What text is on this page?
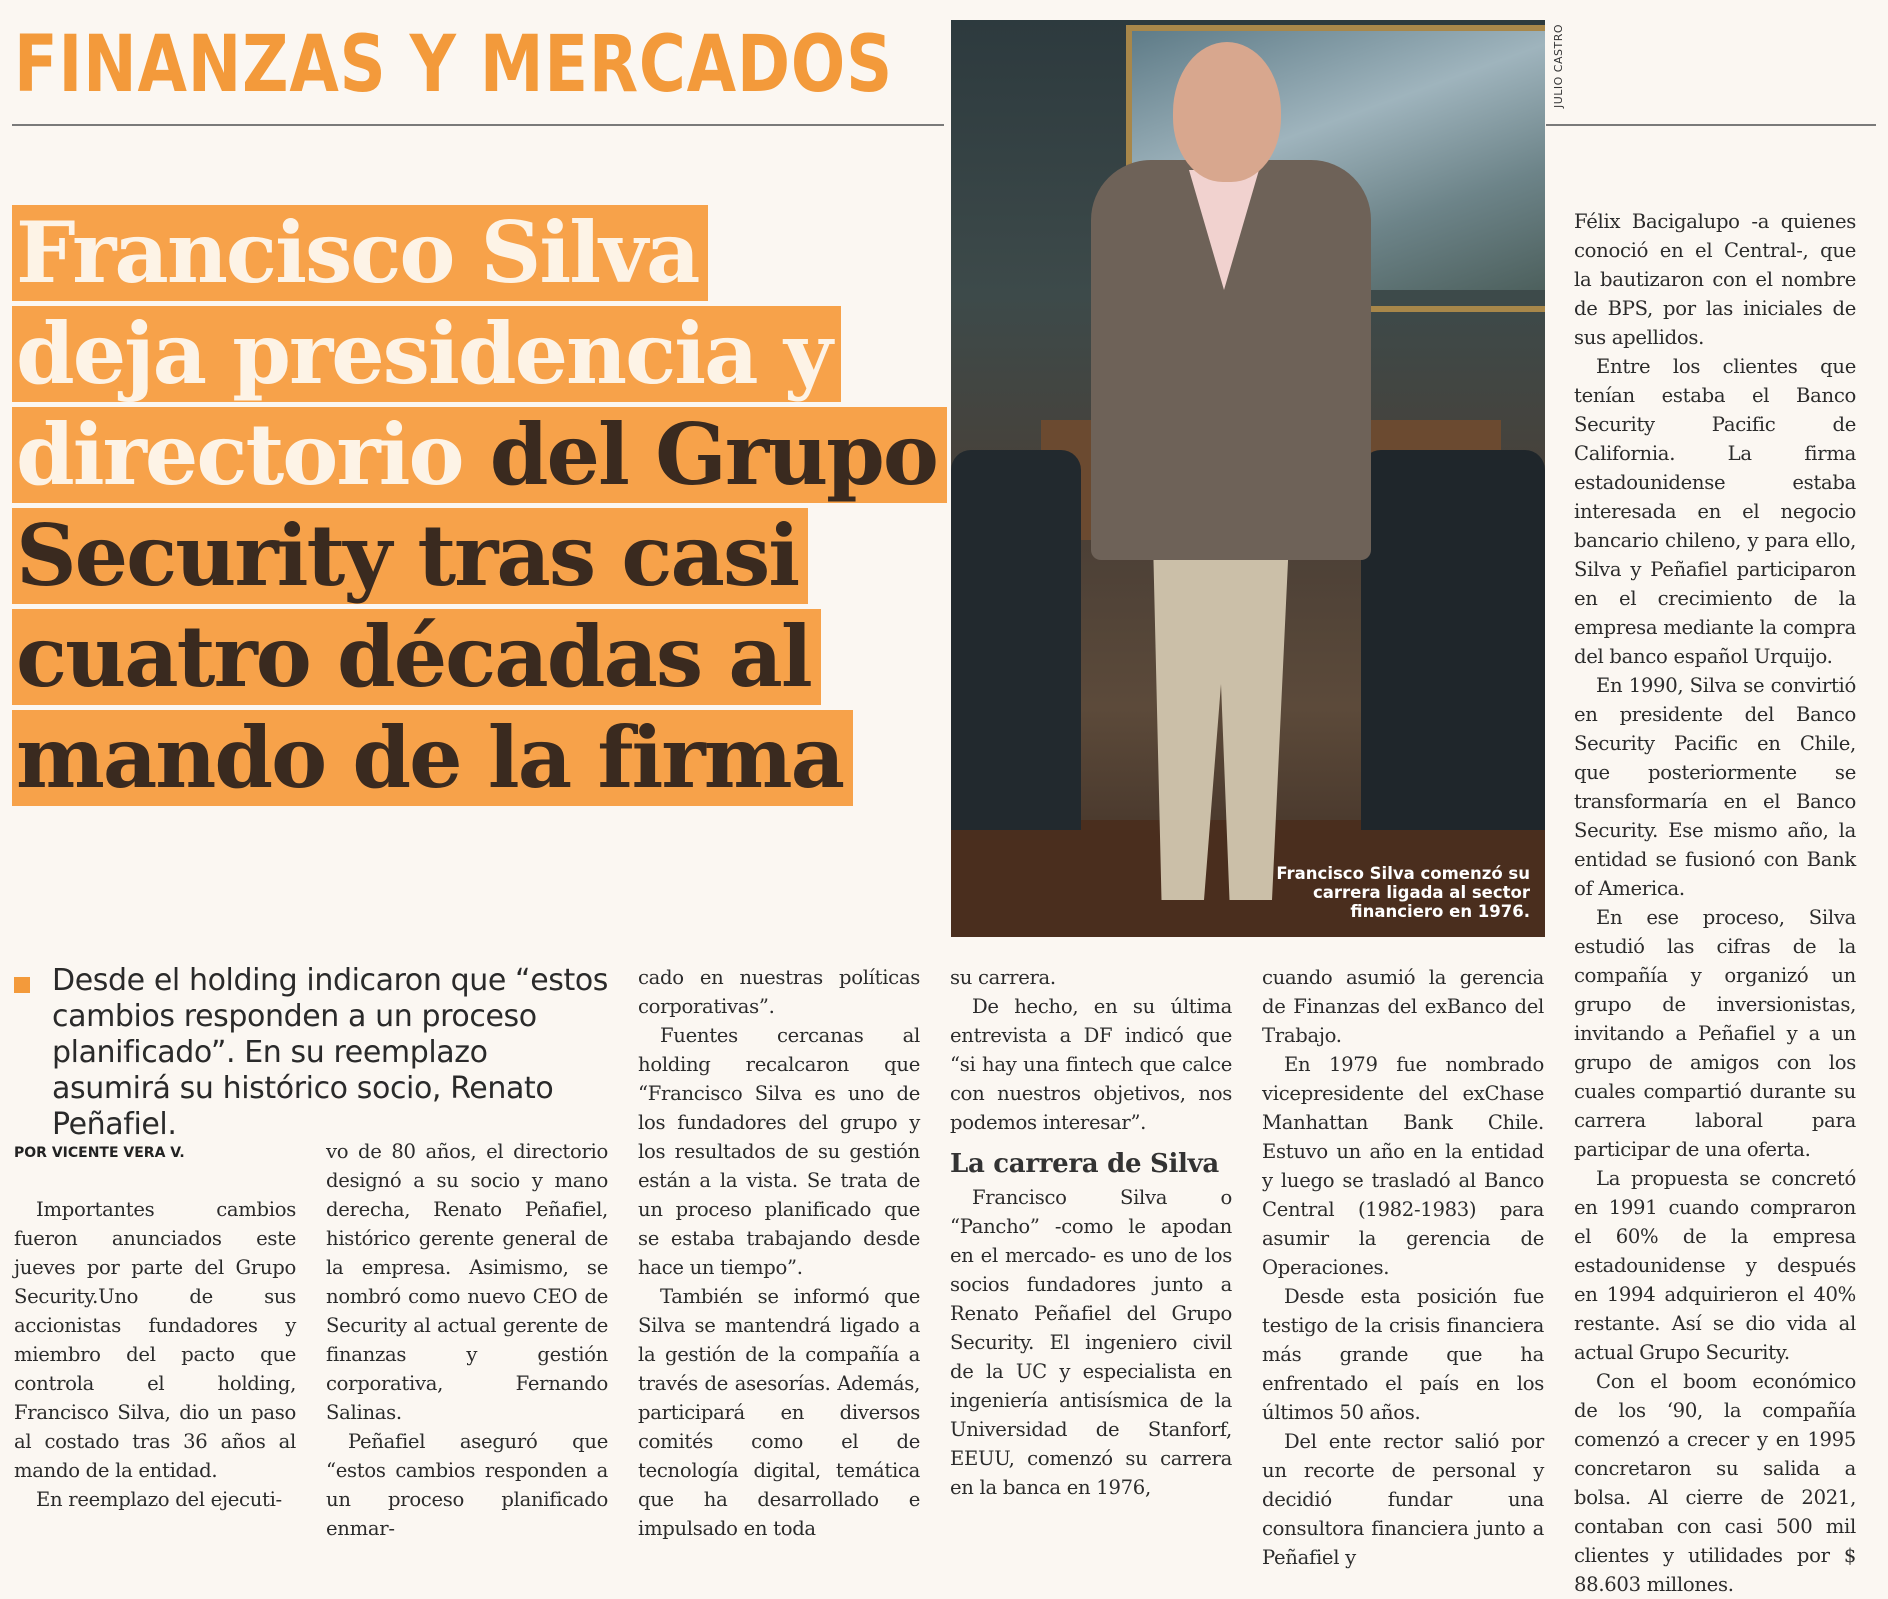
FINANZAS Y MERCADOS
Francisco Silva
deja presidencia y
directorio del Grupo
Security tras casi
cuatro décadas al
mando de la firma
JULIO CASTRO
Francisco Silva comenzó su carrera ligada al sector financiero en 1976.

Desde el holding indicaron que “estos cambios responden a un proceso planificado”. En su reemplazo asumirá su histórico socio, Renato Peñafiel.

POR VICENTE VERA V.

Importantes cambios fueron anunciados este jueves por parte del Grupo Security.Uno de sus accionistas fundadores y miembro del pacto que controla el holding, Francisco Silva, dio un paso al costado tras 36 años al mando de la entidad.

En reemplazo del ejecuti-

vo de 80 años, el directorio designó a su socio y mano derecha, Renato Peñafiel, histórico gerente general de la empresa. Asimismo, se nombró como nuevo CEO de Security al actual gerente de finanzas y gestión corporativa, Fernando Salinas.

Peñafiel aseguró que “estos cambios responden a un proceso planificado enmar-

cado en nuestras políticas corporativas”.

Fuentes cercanas al holding recalcaron que “Francisco Silva es uno de los fundadores del grupo y los resultados de su gestión están a la vista. Se trata de un proceso planificado que se estaba trabajando desde hace un tiempo”.

También se informó que Silva se mantendrá ligado a la gestión de la compañía a través de asesorías. Además, participará en diversos comités como el de tecnología digital, temática que ha desarrollado e impulsado en toda

su carrera.

De hecho, en su última entrevista a DF indicó que “si hay una fintech que calce con nuestros objetivos, nos podemos interesar”.

La carrera de Silva

Francisco Silva o “Pancho” -como le apodan en el mercado- es uno de los socios fundadores junto a Renato Peñafiel del Grupo Security. El ingeniero civil de la UC y especialista en ingeniería antisísmica de la Universidad de Stanforf, EEUU, comenzó su carrera en la banca en 1976,

cuando asumió la gerencia de Finanzas del exBanco del Trabajo.

En 1979 fue nombrado vicepresidente del exChase Manhattan Bank Chile. Estuvo un año en la entidad y luego se trasladó al Banco Central (1982-1983) para asumir la gerencia de Operaciones.

Desde esta posición fue testigo de la crisis financiera más grande que ha enfrentado el país en los últimos 50 años.

Del ente rector salió por un recorte de personal y decidió fundar una consultora financiera junto a Peñafiel y

Félix Bacigalupo -a quienes conoció en el Central-, que la bautizaron con el nombre de BPS, por las iniciales de sus apellidos.

Entre los clientes que tenían estaba el Banco Security Pacific de California. La firma estadounidense estaba interesada en el negocio bancario chileno, y para ello, Silva y Peñafiel participaron en el crecimiento de la empresa mediante la compra del banco español Urquijo.

En 1990, Silva se convirtió en presidente del Banco Security Pacific en Chile, que posteriormente se transformaría en el Banco Security. Ese mismo año, la entidad se fusionó con Bank of America.

En ese proceso, Silva estudió las cifras de la compañía y organizó un grupo de inversionistas, invitando a Peñafiel y a un grupo de amigos con los cuales compartió durante su carrera laboral para participar de una oferta.

La propuesta se concretó en 1991 cuando compraron el 60% de la empresa estadounidense y después en 1994 adquirieron el 40% restante. Así se dio vida al actual Grupo Security.

Con el boom económico de los ‘90, la compañía comenzó a crecer y en 1995 concretaron su salida a bolsa. Al cierre de 2021, contaban con casi 500 mil clientes y utilidades por $ 88.603 millones.
